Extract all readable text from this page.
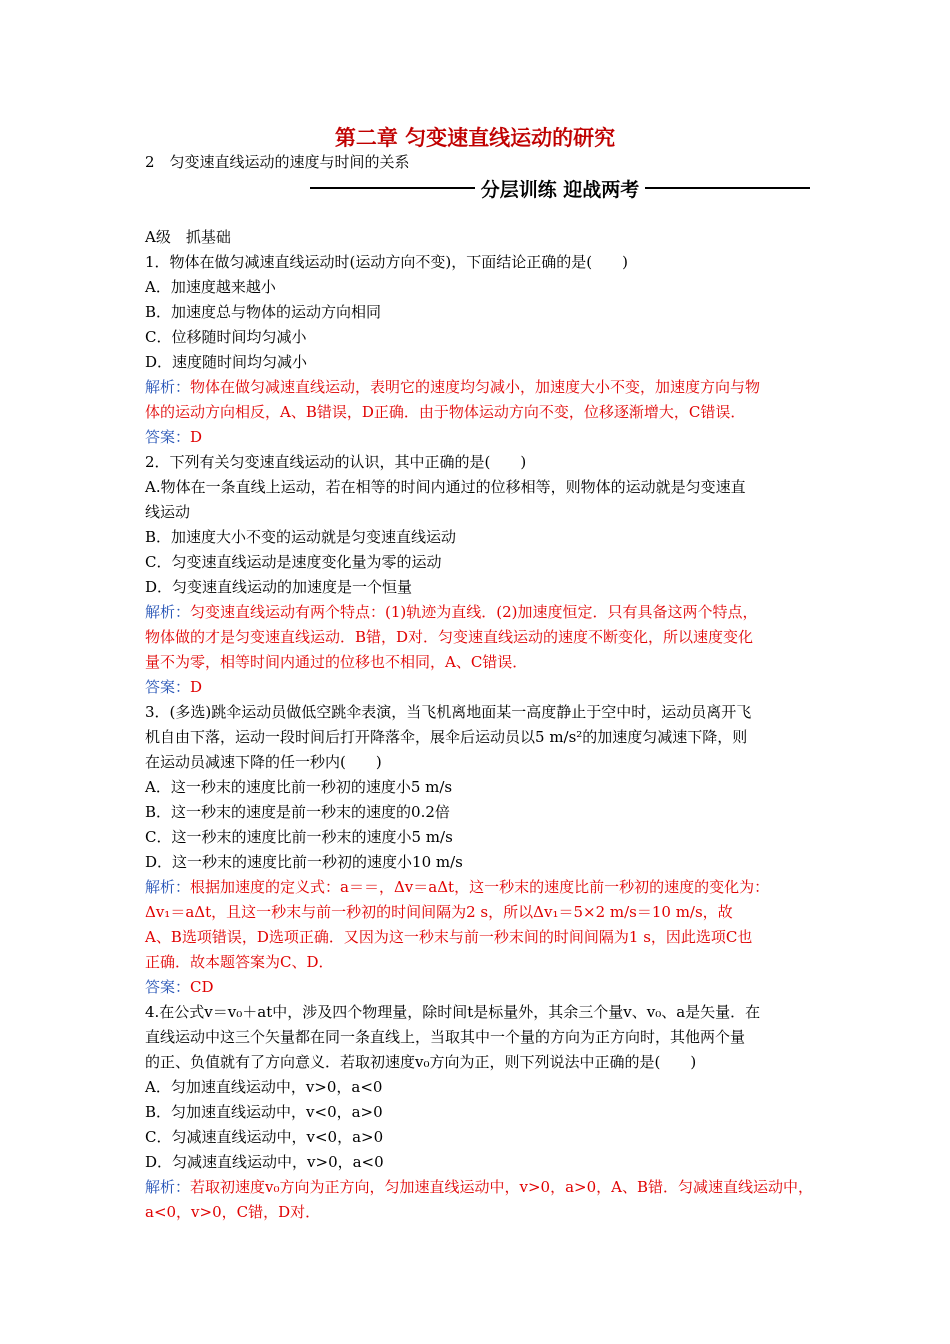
第二章 匀变速直线运动的研究
2　匀变速直线运动的速度与时间的关系
分层训练 迎战两考
A级　抓基础
1．物体在做匀减速直线运动时(运动方向不变)，下面结论正确的是(　　)
A．加速度越来越小
B．加速度总与物体的运动方向相同
C．位移随时间均匀减小
D．速度随时间均匀减小
解析：物体在做匀减速直线运动，表明它的速度均匀减小，加速度大小不变，加速度方向与物
体的运动方向相反，A、B错误，D正确．由于物体运动方向不变，位移逐渐增大，C错误．
答案：D
2．下列有关匀变速直线运动的认识，其中正确的是(　　)
A.物体在一条直线上运动，若在相等的时间内通过的位移相等，则物体的运动就是匀变速直
线运动
B．加速度大小不变的运动就是匀变速直线运动
C．匀变速直线运动是速度变化量为零的运动
D．匀变速直线运动的加速度是一个恒量
解析：匀变速直线运动有两个特点：(1)轨迹为直线．(2)加速度恒定．只有具备这两个特点，
物体做的才是匀变速直线运动．B错，D对．匀变速直线运动的速度不断变化，所以速度变化
量不为零，相等时间内通过的位移也不相同，A、C错误．
答案：D
3．(多选)跳伞运动员做低空跳伞表演，当飞机离地面某一高度静止于空中时，运动员离开飞
机自由下落，运动一段时间后打开降落伞，展伞后运动员以5 m/s²的加速度匀减速下降，则
在运动员减速下降的任一秒内(　　)
A．这一秒末的速度比前一秒初的速度小5 m/s
B．这一秒末的速度是前一秒末的速度的0.2倍
C．这一秒末的速度比前一秒末的速度小5 m/s
D．这一秒末的速度比前一秒初的速度小10 m/s
解析：根据加速度的定义式：a＝＝，Δv＝aΔt，这一秒末的速度比前一秒初的速度的变化为：
Δv₁＝aΔt，且这一秒末与前一秒初的时间间隔为2 s，所以Δv₁＝5×2 m/s＝10 m/s，故
A、B选项错误，D选项正确．又因为这一秒末与前一秒末间的时间间隔为1 s，因此选项C也
正确．故本题答案为C、D．
答案：CD
4.在公式v＝v₀＋at中，涉及四个物理量，除时间t是标量外，其余三个量v、v₀、a是矢量．在
直线运动中这三个矢量都在同一条直线上，当取其中一个量的方向为正方向时，其他两个量
的正、负值就有了方向意义．若取初速度v₀方向为正，则下列说法中正确的是(　　)
A．匀加速直线运动中，v>0，a<0
B．匀加速直线运动中，v<0，a>0
C．匀减速直线运动中，v<0，a>0
D．匀减速直线运动中，v>0，a<0
解析：若取初速度v₀方向为正方向，匀加速直线运动中，v>0，a>0，A、B错．匀减速直线运动中，
a<0，v>0，C错，D对．
